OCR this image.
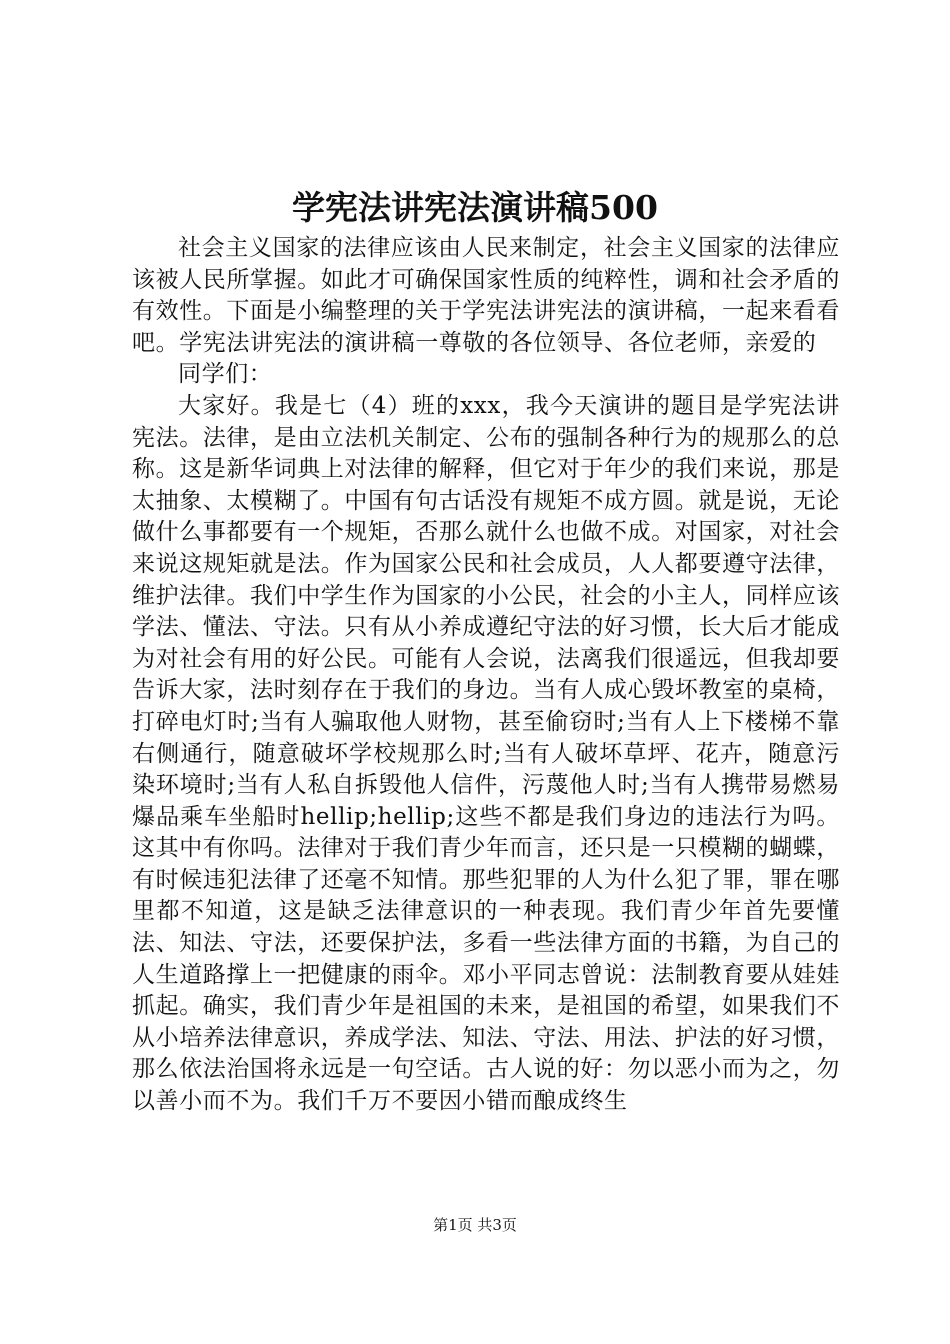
学宪法讲宪法演讲稿500

社会主义国家的法律应该由人民来制定，社会主义国家的法律应该被人民所掌握。如此才可确保国家性质的纯粹性，调和社会矛盾的有效性。下面是小编整理的关于学宪法讲宪法的演讲稿，一起来看看吧。学宪法讲宪法的演讲稿一尊敬的各位领导、各位老师，亲爱的

同学们：

大家好。我是七（4）班的xxx，我今天演讲的题目是学宪法讲宪法。法律，是由立法机关制定、公布的强制各种行为的规那么的总称。这是新华词典上对法律的解释，但它对于年少的我们来说，那是太抽象、太模糊了。中国有句古话没有规矩不成方圆。就是说，无论做什么事都要有一个规矩，否那么就什么也做不成。对国家，对社会来说这规矩就是法。作为国家公民和社会成员，人人都要遵守法律，维护法律。我们中学生作为国家的小公民，社会的小主人，同样应该学法、懂法、守法。只有从小养成遵纪守法的好习惯，长大后才能成为对社会有用的好公民。可能有人会说，法离我们很遥远，但我却要告诉大家，法时刻存在于我们的身边。当有人成心毁坏教室的桌椅，打碎电灯时;当有人骗取他人财物，甚至偷窃时;当有人上下楼梯不靠右侧通行，随意破坏学校规那么时;当有人破坏草坪、花卉，随意污染环境时;当有人私自拆毁他人信件，污蔑他人时;当有人携带易燃易爆品乘车坐船时hellip;hellip;这些不都是我们身边的违法行为吗。这其中有你吗。法律对于我们青少年而言，还只是一只模糊的蝴蝶，有时候违犯法律了还毫不知情。那些犯罪的人为什么犯了罪，罪在哪里都不知道，这是缺乏法律意识的一种表现。我们青少年首先要懂法、知法、守法，还要保护法，多看一些法律方面的书籍，为自己的人生道路撑上一把健康的雨伞。邓小平同志曾说：法制教育要从娃娃抓起。确实，我们青少年是祖国的未来，是祖国的希望，如果我们不从小培养法律意识，养成学法、知法、守法、用法、护法的好习惯，那么依法治国将永远是一句空话。古人说的好：勿以恶小而为之，勿以善小而不为。我们千万不要因小错而酿成终生

第1页 共3页
